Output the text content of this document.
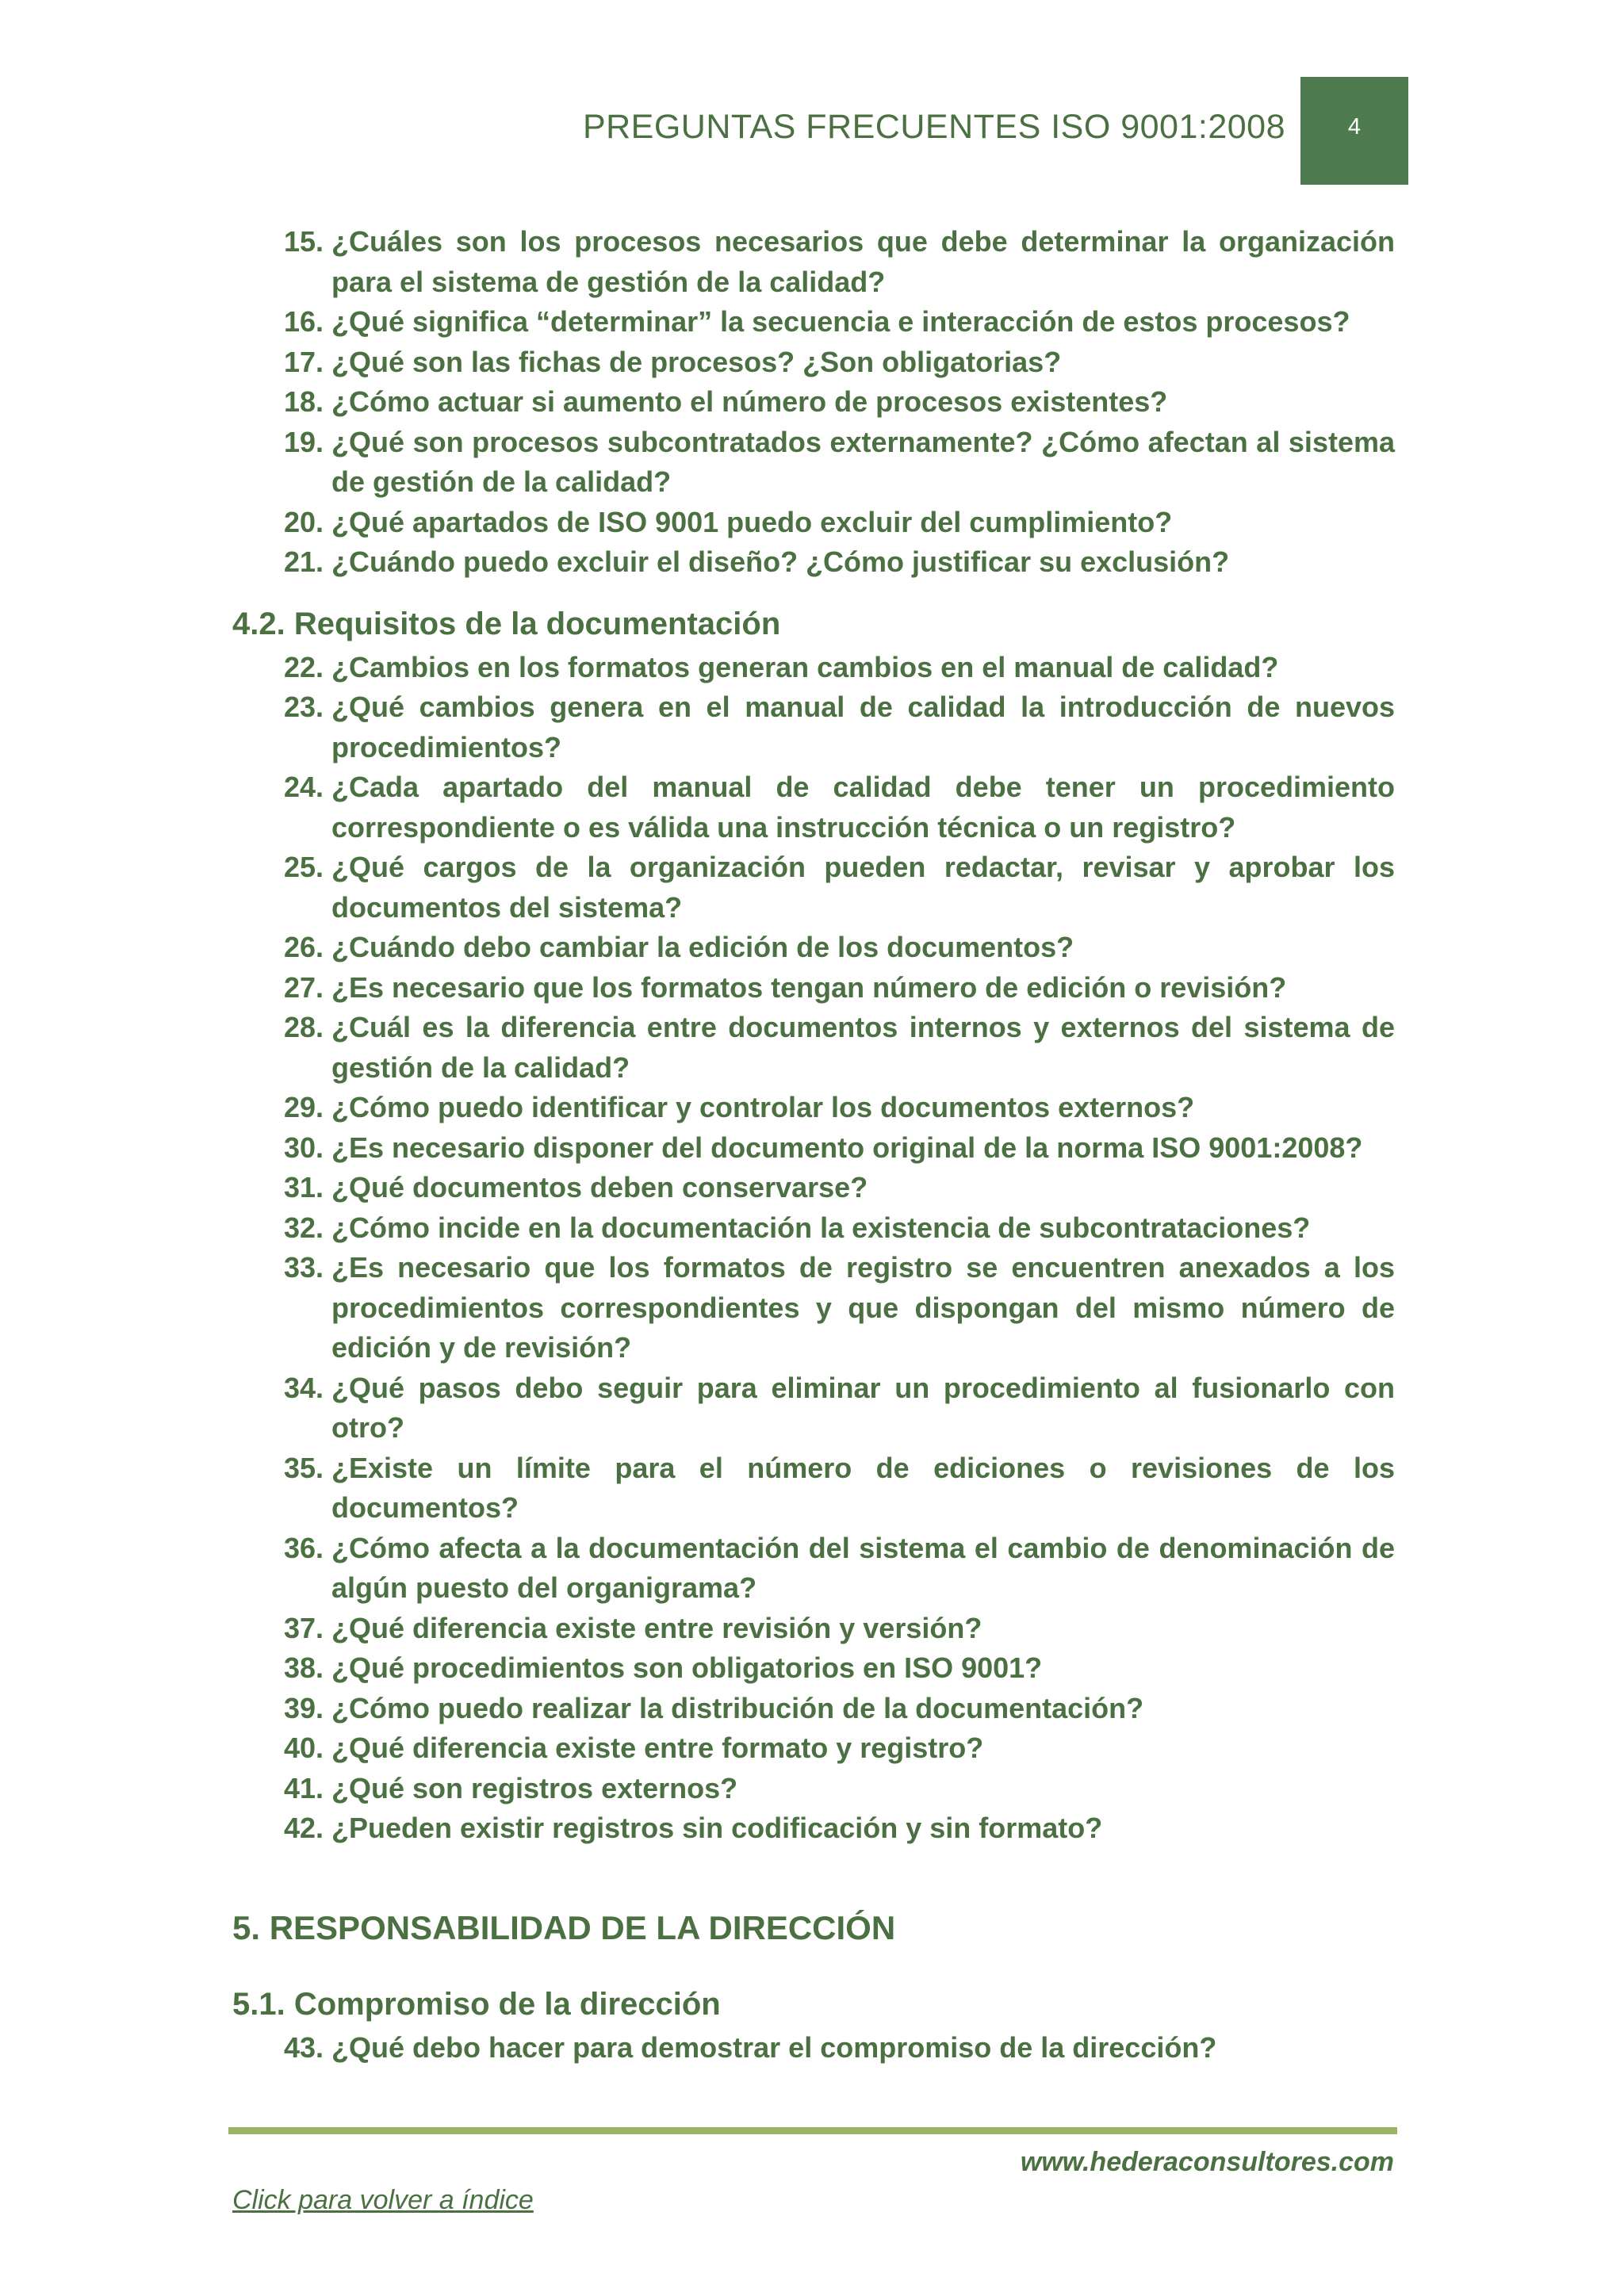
PREGUNTAS FRECUENTES ISO 9001:2008	4
15. ¿Cuáles son los procesos necesarios que debe determinar la organización para el sistema de gestión de la calidad?
16. ¿Qué significa “determinar” la secuencia e interacción de estos procesos?
17. ¿Qué son las fichas de procesos? ¿Son obligatorias?
18. ¿Cómo actuar si aumento el número de procesos existentes?
19. ¿Qué son procesos subcontratados externamente? ¿Cómo afectan al sistema de gestión de la calidad?
20. ¿Qué apartados de ISO 9001 puedo excluir del cumplimiento?
21. ¿Cuándo puedo excluir el diseño? ¿Cómo justificar su exclusión?
4.2. Requisitos de la documentación
22. ¿Cambios en los formatos generan cambios en el manual de calidad?
23. ¿Qué cambios genera en el manual de calidad la introducción de nuevos procedimientos?
24. ¿Cada apartado del manual de calidad debe tener un procedimiento correspondiente o es válida una instrucción técnica o un registro?
25. ¿Qué cargos de la organización pueden redactar, revisar y aprobar los documentos del sistema?
26. ¿Cuándo debo cambiar la edición de los documentos?
27. ¿Es necesario que los formatos tengan número de edición o revisión?
28. ¿Cuál es la diferencia entre documentos internos y externos del sistema de gestión de la calidad?
29. ¿Cómo puedo identificar y controlar los documentos externos?
30. ¿Es necesario disponer del documento original de la norma ISO 9001:2008?
31. ¿Qué documentos deben conservarse?
32. ¿Cómo incide en la documentación la existencia de subcontrataciones?
33. ¿Es necesario que los formatos de registro se encuentren anexados a los procedimientos correspondientes y que dispongan del mismo número de edición y de revisión?
34. ¿Qué pasos debo seguir para eliminar un procedimiento al fusionarlo con otro?
35. ¿Existe un límite para el número de ediciones o revisiones de los documentos?
36. ¿Cómo afecta a la documentación del sistema el cambio de denominación de algún puesto del organigrama?
37. ¿Qué diferencia existe entre revisión y versión?
38. ¿Qué procedimientos son obligatorios en ISO 9001?
39. ¿Cómo puedo realizar la distribución de la documentación?
40. ¿Qué diferencia existe entre formato y registro?
41. ¿Qué son registros externos?
42. ¿Pueden existir registros sin codificación y sin formato?
5. RESPONSABILIDAD DE LA DIRECCIÓN
5.1. Compromiso de la dirección
43. ¿Qué debo hacer para demostrar el compromiso de la dirección?
www.hederaconsultores.com
Click para volver a índice
